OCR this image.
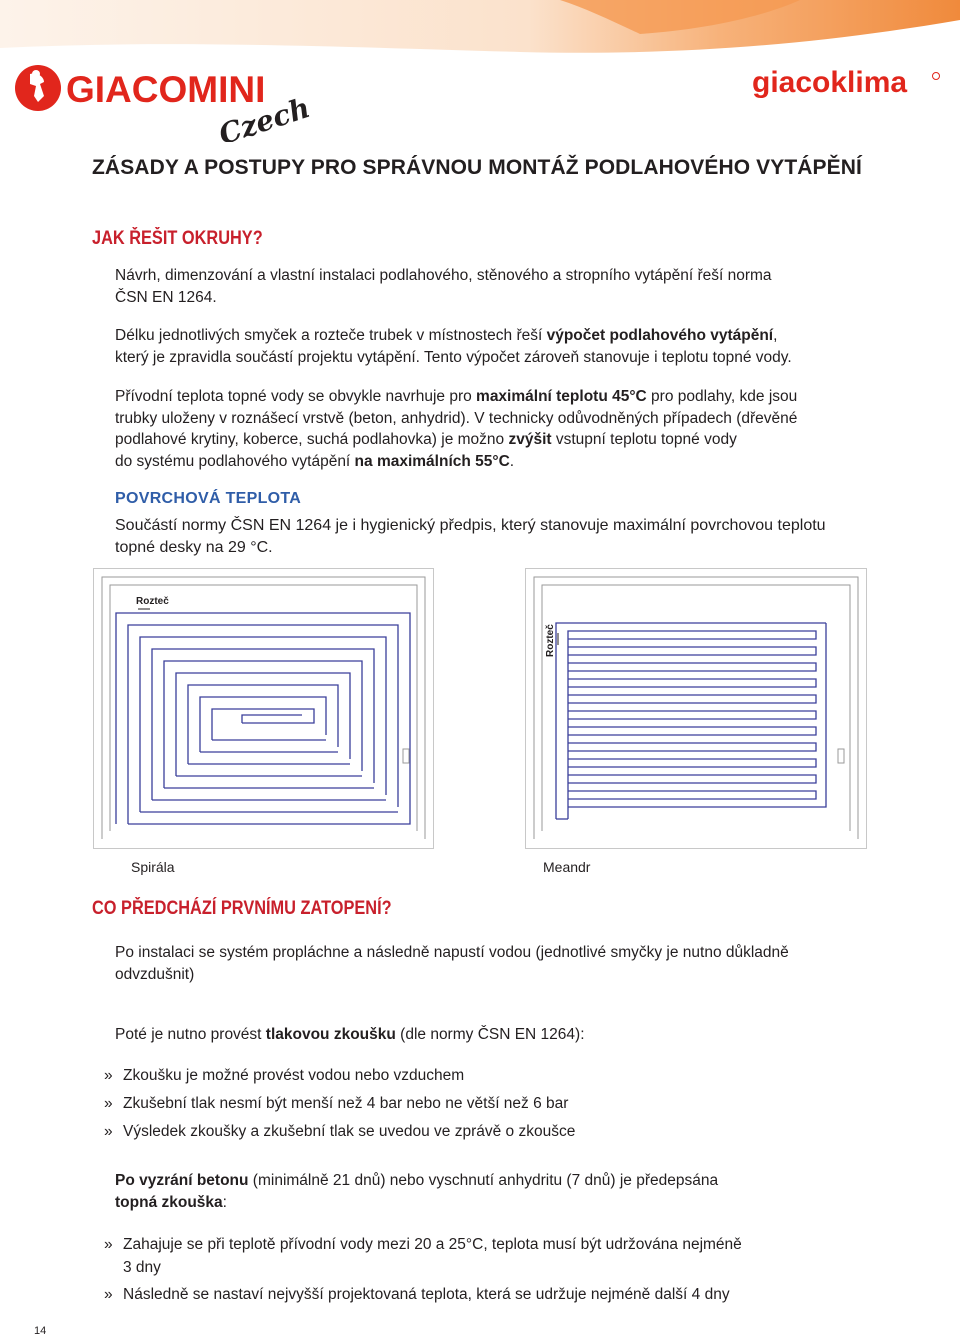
GIACOMINI
Czech
giacoklima
ZÁSADY A POSTUPY PRO SPRÁVNOU MONTÁŽ PODLAHOVÉHO VYTÁPĚNÍ
JAK ŘEŠIT OKRUHY?
Návrh, dimenzování a vlastní instalaci podlahového, stěnového a stropního vytápění řeší norma
ČSN EN 1264.
Délku jednotlivých smyček a rozteče trubek v místnostech řeší výpočet podlahového vytápění,
který je zpravidla součástí projektu vytápění. Tento výpočet zároveň stanovuje i teplotu topné vody.
Přívodní teplota topné vody se obvykle navrhuje pro maximální teplotu 45°C pro podlahy, kde jsou
trubky uloženy v roznášecí vrstvě (beton, anhydrid). V technicky odůvodněných případech (dřevěné
podlahové krytiny, koberce, suchá podlahovka) je možno zvýšit vstupní teplotu topné vody
do systému podlahového vytápění na maximálních 55°C.
POVRCHOVÁ TEPLOTA
Součástí normy ČSN EN 1264 je i hygienický předpis, který stanovuje maximální povrchovou teplotu
topné desky na 29 °C.
Rozteč
Spirála
Rozteč
Meandr
CO PŘEDCHÁZÍ PRVNÍMU ZATOPENÍ?
Po instalaci se systém propláchne a následně napustí vodou (jednotlivé smyčky je nutno důkladně
odvzdušnit)
Poté je nutno provést tlakovou zkoušku (dle normy ČSN EN 1264):
» Zkoušku je možné provést vodou nebo vzduchem
» Zkušební tlak nesmí být menší než 4 bar nebo ne větší než 6 bar
» Výsledek zkoušky a zkušební tlak se uvedou ve zprávě o zkoušce
Po vyzrání betonu (minimálně 21 dnů) nebo vyschnutí anhydritu (7 dnů) je předepsána
topná zkouška:
» Zahajuje se při teplotě přívodní vody mezi 20 a 25°C, teplota musí být udržována nejméně
3 dny
» Následně se nastaví nejvyšší projektovaná teplota, která se udržuje nejméně další 4 dny
14
